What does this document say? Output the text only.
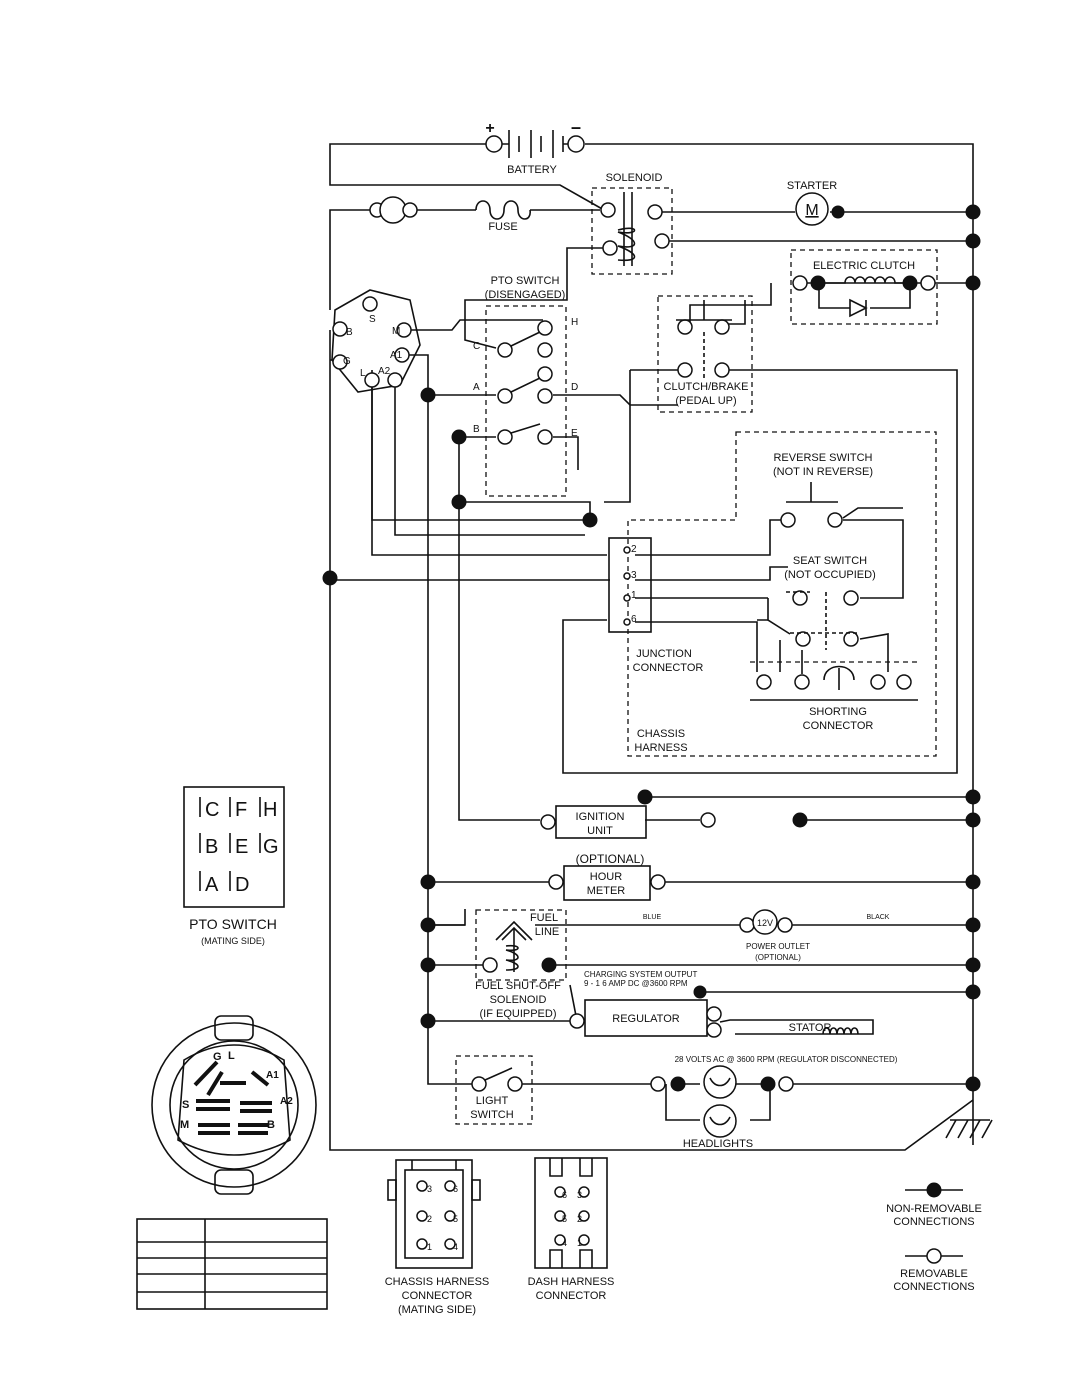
+	–
BATTERY
FUSE
SOLENOID
M
STARTER
ELECTRIC CLUTCH
S
B	M
G
A1
L A2
C
H
A	D
B	E
PTO SWITCH
(DISENGAGED)
CLUTCH/BRAKE
(PEDAL UP)
2
3
1
6
REVERSE SWITCH
(NOT IN REVERSE)
SEAT SWITCH
(NOT OCCUPIED)
SHORTING
CONNECTOR
JUNCTION
CONNECTOR
CHASSIS
HARNESS
IGNITION
UNIT
(OPTIONAL)
HOUR
METER
12V
BLUE	BLACK
POWER OUTLET
(OPTIONAL)
FUEL
LINE
FUEL SHUT-OFF
SOLENOID
(IF EQUIPPED)
CHARGING SYSTEM OUTPUT
9 - 1 6 AMP DC @3600 RPM
REGULATOR
STATOR
28 VOLTS AC @ 3600 RPM (REGULATOR DISCONNECTED)
LIGHT
SWITCH
HEADLIGHTS
C F H
B E G
A D
PTO SWITCH
(MATING SIDE)
G L
A1
S	A2
M	B
3 6
2 5
1 4
CHASSIS HARNESS
CONNECTOR
(MATING SIDE)
6 3
5 2
4 1
DASH HARNESS
CONNECTOR
NON-REMOVABLE
CONNECTIONS
REMOVABLE
CONNECTIONS
